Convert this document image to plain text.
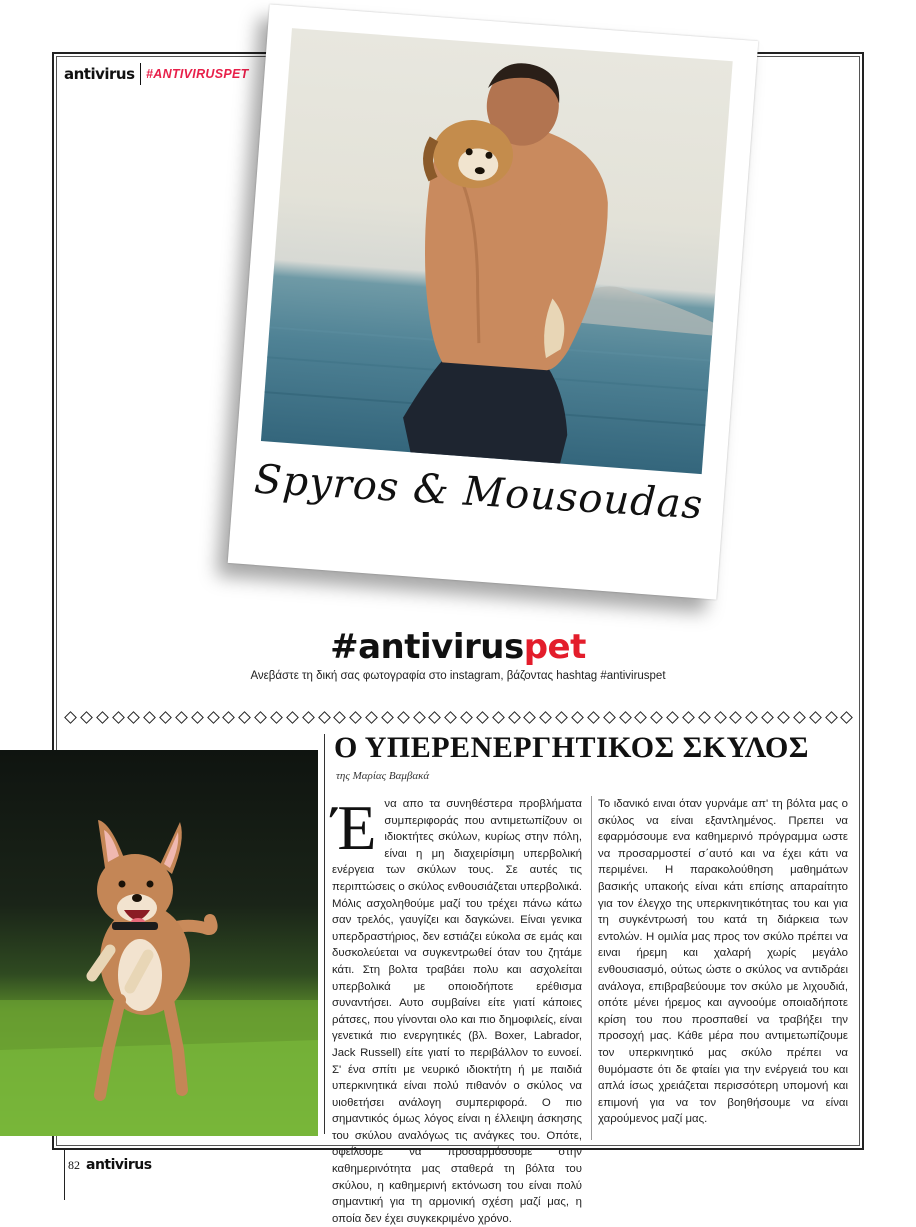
antivirus #ANTIVIRUSPET
Spyros & Mousoudas
#antiviruspet
Ανεβάστε τη δική σας φωτογραφία στο instagram, βάζοντας hashtag #antiviruspet
Ο ΥΠΕΡΕΝΕΡΓΗΤΙΚΟΣ ΣΚΥΛΟΣ
της Μαρίας Βαμβακά
Έ να απο τα συνηθέστερα προβλήματα συμπεριφοράς που αντιμετωπίζουν οι ιδιοκτήτες σκύλων, κυρίως στην πόλη, είναι η μη διαχειρίσιμη υπερβολική ενέργεια των σκύλων τους. Σε αυτές τις περιπτώσεις ο σκύλος ενθουσιάζεται υπερβολικά. Μόλις ασχοληθούμε μαζί του τρέχει πάνω κάτω σαν τρελός, γαυγίζει και δαγκώνει. Είναι γενικα υπερδραστήριος, δεν εστιάζει εύκολα σε εμάς και δυσκολεύεται να συγκεντρωθεί όταν του ζητάμε κάτι. Στη βολτα τραβάει πολυ και ασχολείται υπερβολικά με οποιοδήποτε ερέθισμα συναντήσει. Αυτο συμβαίνει είτε γιατί κάποιες ράτσες, που γίνονται ολο και πιο δημοφιλείς, είναι γενετικά πιο ενεργητικές (βλ. Boxer, Labrador, Jack Russell) είτε γιατί το περιβάλλον το ευνοεί. Σ' ένα σπίτι με νευρικό ιδιοκτήτη ή με παιδιά υπερκινητικά είναι πολύ πιθανόν ο σκύλος να υιοθετήσει ανάλογη συμπεριφορά. Ο πιο σημαντικός όμως λόγος είναι η έλλειψη άσκησης του σκύλου αναλόγως τις ανάγκες του. Οπότε, οφείλουμε να προσαρμόσουμε στην καθημερινότητα μας σταθερά τη βόλτα του σκύλου, η καθημερινή εκτόνωση του είναι πολύ σημαντική για τη αρμονική σχέση μαζί μας, η οποία δεν έχει συγκεκριμένο χρόνο.

Το ιδανικό ειναι όταν γυρνάμε απ' τη βόλτα μας ο σκύλος να είναι εξαντλημένος. Πρεπει να εφαρμόσουμε ενα καθημερινό πρόγραμμα ωστε να προσαρμοστεί σ΄αυτό και να έχει κάτι να περιμένει. Η παρακολούθηση μαθημάτων βασικής υπακοής είναι κάτι επίσης απαραίτητο για τον έλεγχο της υπερκινητικότητας του και για τη συγκέντρωσή του κατά τη διάρκεια των εντολών. Η ομιλία μας προς τον σκύλο πρέπει να ειναι ήρεμη και χαλαρή χωρίς μεγάλο ενθουσιασμό, ούτως ώστε ο σκύλος να αντιδράει ανάλογα, επιβραβεύουμε τον σκύλο με λιχουδιά, οπότε μένει ήρεμος και αγνοούμε οποιαδήποτε κρίση του που προσπαθεί να τραβήξει την προσοχή μας. Κάθε μέρα που αντιμετωπίζουμε τον υπερκινητικό μας σκύλο πρέπει να θυμόμαστε ότι δε φταίει για την ενέργειά του και απλά ίσως χρειάζεται περισσότερη υπομονή και επιμονή για να τον βοηθήσουμε να είναι χαρούμενος μαζί μας.

82 antivirus
